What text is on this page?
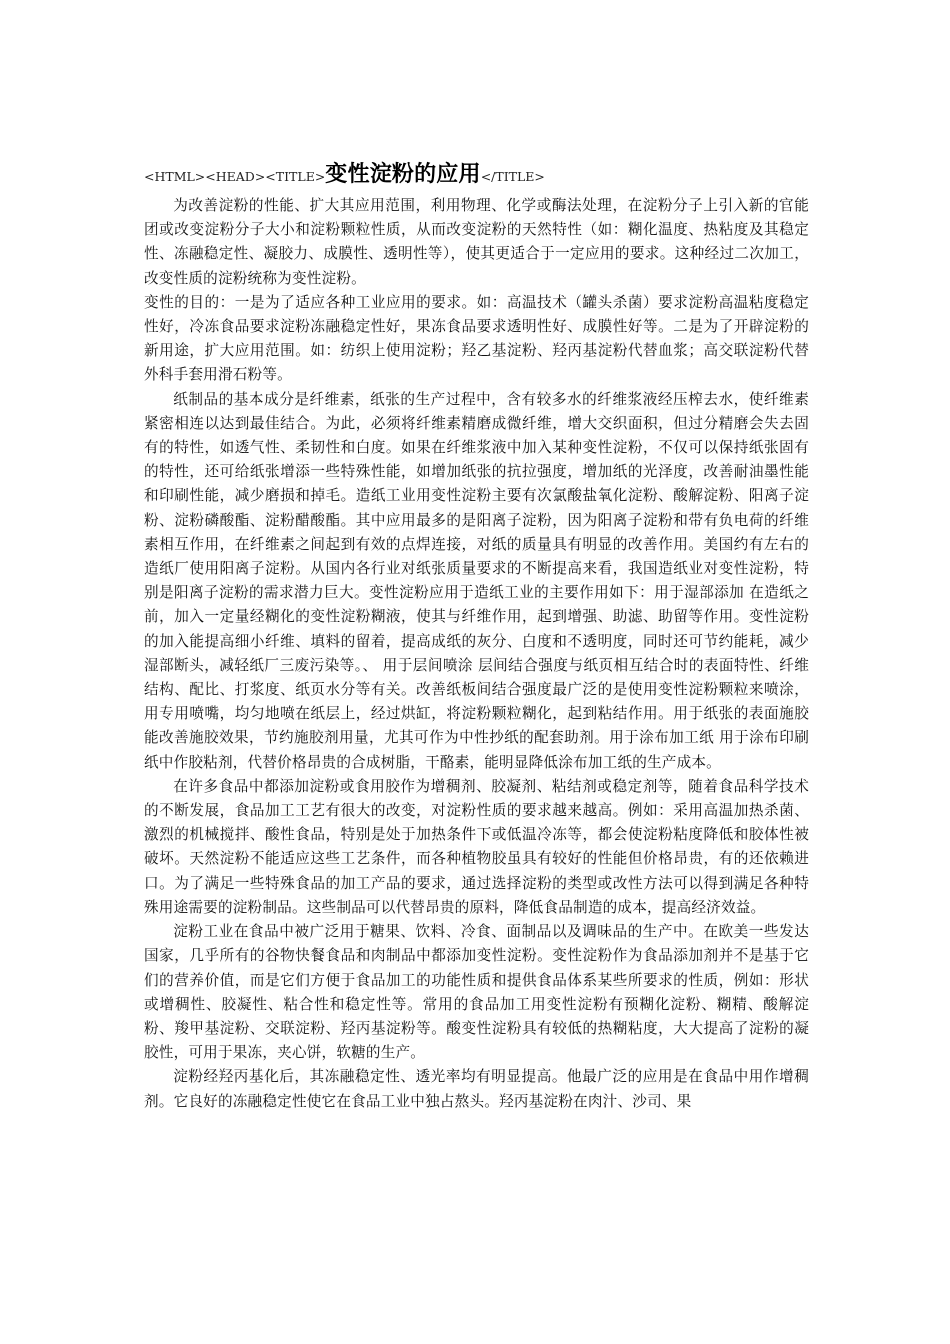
<HTML><HEAD><TITLE>变性淀粉的应用</TITLE>

为改善淀粉的性能、扩大其应用范围，利用物理、化学或酶法处理，在淀粉分子上引入新的官能团或改变淀粉分子大小和淀粉颗粒性质，从而改变淀粉的天然特性（如：糊化温度、热粘度及其稳定性、冻融稳定性、凝胶力、成膜性、透明性等），使其更适合于一定应用的要求。这种经过二次加工，改变性质的淀粉统称为变性淀粉。

变性的目的：一是为了适应各种工业应用的要求。如：高温技术（罐头杀菌）要求淀粉高温粘度稳定性好，冷冻食品要求淀粉冻融稳定性好，果冻食品要求透明性好、成膜性好等。二是为了开辟淀粉的新用途，扩大应用范围。如：纺织上使用淀粉；羟乙基淀粉、羟丙基淀粉代替血浆；高交联淀粉代替外科手套用滑石粉等。

纸制品的基本成分是纤维素，纸张的生产过程中，含有较多水的纤维浆液经压榨去水，使纤维素紧密相连以达到最佳结合。为此，必须将纤维素精磨成微纤维，增大交织面积，但过分精磨会失去固有的特性，如透气性、柔韧性和白度。如果在纤维浆液中加入某种变性淀粉，不仅可以保持纸张固有的特性，还可给纸张增添一些特殊性能，如增加纸张的抗拉强度，增加纸的光泽度，改善耐油墨性能和印刷性能，减少磨损和掉毛。造纸工业用变性淀粉主要有次氯酸盐氧化淀粉、酸解淀粉、阳离子淀粉、淀粉磷酸酯、淀粉醋酸酯。其中应用最多的是阳离子淀粉，因为阳离子淀粉和带有负电荷的纤维素相互作用，在纤维素之间起到有效的点焊连接，对纸的质量具有明显的改善作用。美国约有左右的造纸厂使用阳离子淀粉。从国内各行业对纸张质量要求的不断提高来看，我国造纸业对变性淀粉，特别是阳离子淀粉的需求潜力巨大。变性淀粉应用于造纸工业的主要作用如下：用于湿部添加 在造纸之前，加入一定量经糊化的变性淀粉糊液，使其与纤维作用，起到增强、助滤、助留等作用。变性淀粉的加入能提高细小纤维、填料的留着，提高成纸的灰分、白度和不透明度，同时还可节约能耗，减少湿部断头，减轻纸厂三废污染等。、 用于层间喷涂 层间结合强度与纸页相互结合时的表面特性、纤维结构、配比、打浆度、纸页水分等有关。改善纸板间结合强度最广泛的是使用变性淀粉颗粒来喷涂，用专用喷嘴，均匀地喷在纸层上，经过烘缸，将淀粉颗粒糊化，起到粘结作用。用于纸张的表面施胶 能改善施胶效果，节约施胶剂用量，尤其可作为中性抄纸的配套助剂。用于涂布加工纸 用于涂布印刷纸中作胶粘剂，代替价格昂贵的合成树脂，干酪素，能明显降低涂布加工纸的生产成本。

在许多食品中都添加淀粉或食用胶作为增稠剂、胶凝剂、粘结剂或稳定剂等，随着食品科学技术的不断发展，食品加工工艺有很大的改变，对淀粉性质的要求越来越高。例如：采用高温加热杀菌、激烈的机械搅拌、酸性食品，特别是处于加热条件下或低温冷冻等，都会使淀粉粘度降低和胶体性被破坏。天然淀粉不能适应这些工艺条件，而各种植物胶虽具有较好的性能但价格昂贵，有的还依赖进口。为了满足一些特殊食品的加工产品的要求，通过选择淀粉的类型或改性方法可以得到满足各种特殊用途需要的淀粉制品。这些制品可以代替昂贵的原料，降低食品制造的成本，提高经济效益。

淀粉工业在食品中被广泛用于糖果、饮料、冷食、面制品以及调味品的生产中。在欧美一些发达国家，几乎所有的谷物快餐食品和肉制品中都添加变性淀粉。变性淀粉作为食品添加剂并不是基于它们的营养价值，而是它们方便于食品加工的功能性质和提供食品体系某些所要求的性质，例如：形状或增稠性、胶凝性、粘合性和稳定性等。常用的食品加工用变性淀粉有预糊化淀粉、糊精、酸解淀粉、羧甲基淀粉、交联淀粉、羟丙基淀粉等。酸变性淀粉具有较低的热糊粘度，大大提高了淀粉的凝胶性，可用于果冻，夹心饼，软糖的生产。

淀粉经羟丙基化后，其冻融稳定性、透光率均有明显提高。他最广泛的应用是在食品中用作增稠剂。它良好的冻融稳定性使它在食品工业中独占熬头。羟丙基淀粉在肉汁、沙司、果
